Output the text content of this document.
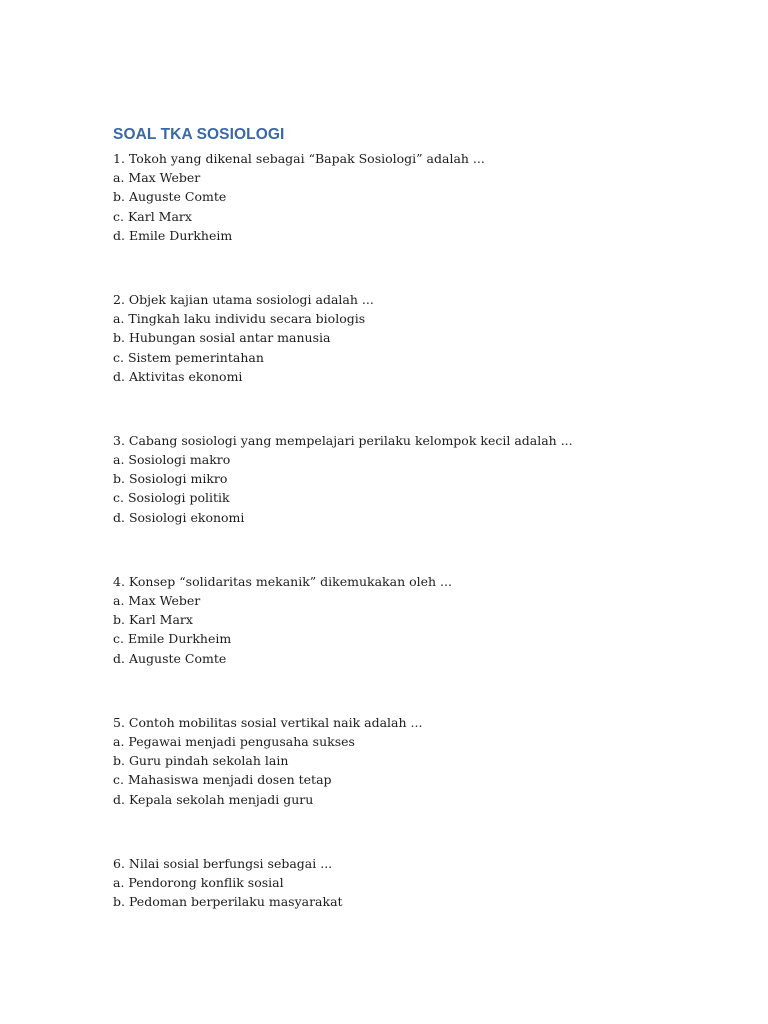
SOAL TKA SOSIOLOGI
1. Tokoh yang dikenal sebagai “Bapak Sosiologi” adalah ...
a. Max Weber
b. Auguste Comte
c. Karl Marx
d. Emile Durkheim
2. Objek kajian utama sosiologi adalah ...
a. Tingkah laku individu secara biologis
b. Hubungan sosial antar manusia
c. Sistem pemerintahan
d. Aktivitas ekonomi
3. Cabang sosiologi yang mempelajari perilaku kelompok kecil adalah ...
a. Sosiologi makro
b. Sosiologi mikro
c. Sosiologi politik
d. Sosiologi ekonomi
4. Konsep “solidaritas mekanik” dikemukakan oleh ...
a. Max Weber
b. Karl Marx
c. Emile Durkheim
d. Auguste Comte
5. Contoh mobilitas sosial vertikal naik adalah ...
a. Pegawai menjadi pengusaha sukses
b. Guru pindah sekolah lain
c. Mahasiswa menjadi dosen tetap
d. Kepala sekolah menjadi guru
6. Nilai sosial berfungsi sebagai ...
a. Pendorong konflik sosial
b. Pedoman berperilaku masyarakat
